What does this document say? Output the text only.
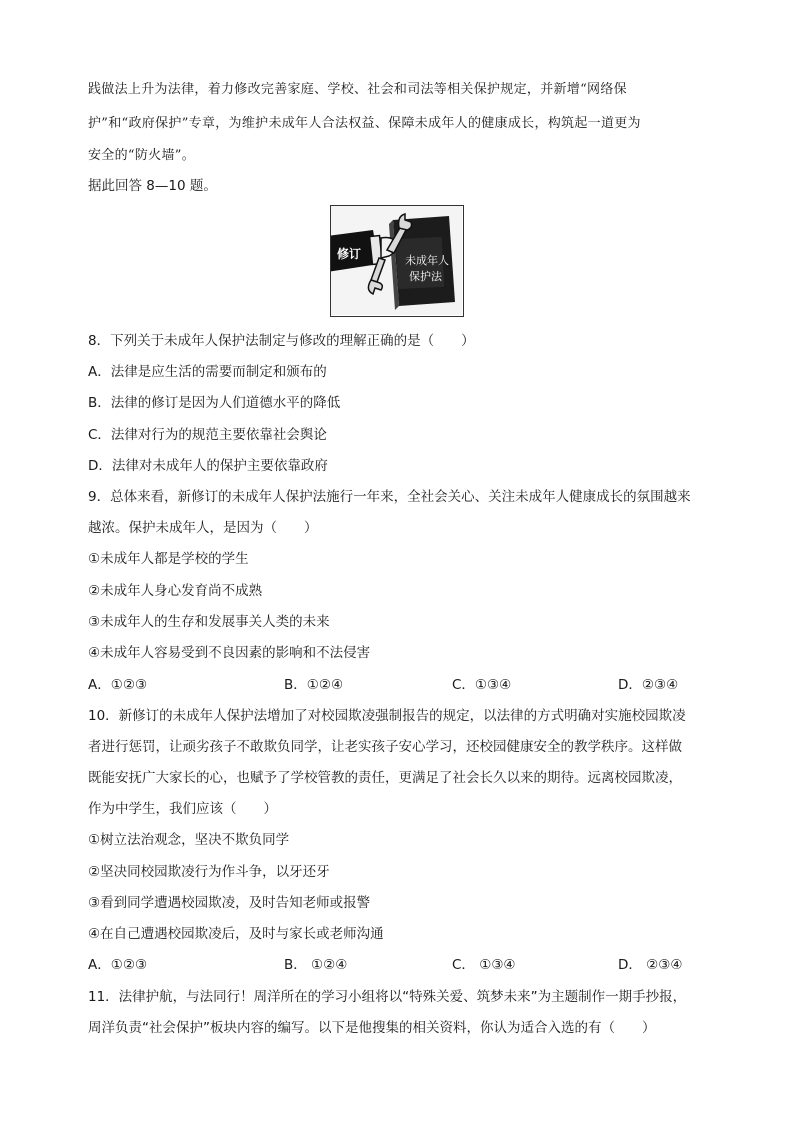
践做法上升为法律，着力修改完善家庭、学校、社会和司法等相关保护规定，并新增“网络保
护”和“政府保护”专章，为维护未成年人合法权益、保障未成年人的健康成长，构筑起一道更为
安全的“防火墙”。
据此回答 8—10 题。
修订	未成年人
保护法
8．下列关于未成年人保护法制定与修改的理解正确的是（　　）
A．法律是应生活的需要而制定和颁布的
B．法律的修订是因为人们道德水平的降低
C．法律对行为的规范主要依靠社会舆论
D．法律对未成年人的保护主要依靠政府
9．总体来看，新修订的未成年人保护法施行一年来，全社会关心、关注未成年人健康成长的氛围越来
越浓。保护未成年人，是因为（　　）
①未成年人都是学校的学生
②未成年人身心发育尚不成熟
③未成年人的生存和发展事关人类的未来
④未成年人容易受到不良因素的影响和不法侵害
A．①②③	B．①②④	C．①③④	D．②③④
10．新修订的未成年人保护法增加了对校园欺凌强制报告的规定，以法律的方式明确对实施校园欺凌
者进行惩罚，让顽劣孩子不敢欺负同学，让老实孩子安心学习，还校园健康安全的教学秩序。这样做
既能安抚广大家长的心，也赋予了学校管教的责任，更满足了社会长久以来的期待。远离校园欺凌，
作为中学生，我们应该（　　）
①树立法治观念，坚决不欺负同学
②坚决同校园欺凌行为作斗争，以牙还牙
③看到同学遭遇校园欺凌，及时告知老师或报警
④在自己遭遇校园欺凌后，及时与家长或老师沟通
A．①②③	B． ①②④	C． ①③④	D． ②③④
11．法律护航，与法同行！周洋所在的学习小组将以“特殊关爱、筑梦未来”为主题制作一期手抄报，
周洋负责“社会保护”板块内容的编写。以下是他搜集的相关资料，你认为适合入选的有（　　）
